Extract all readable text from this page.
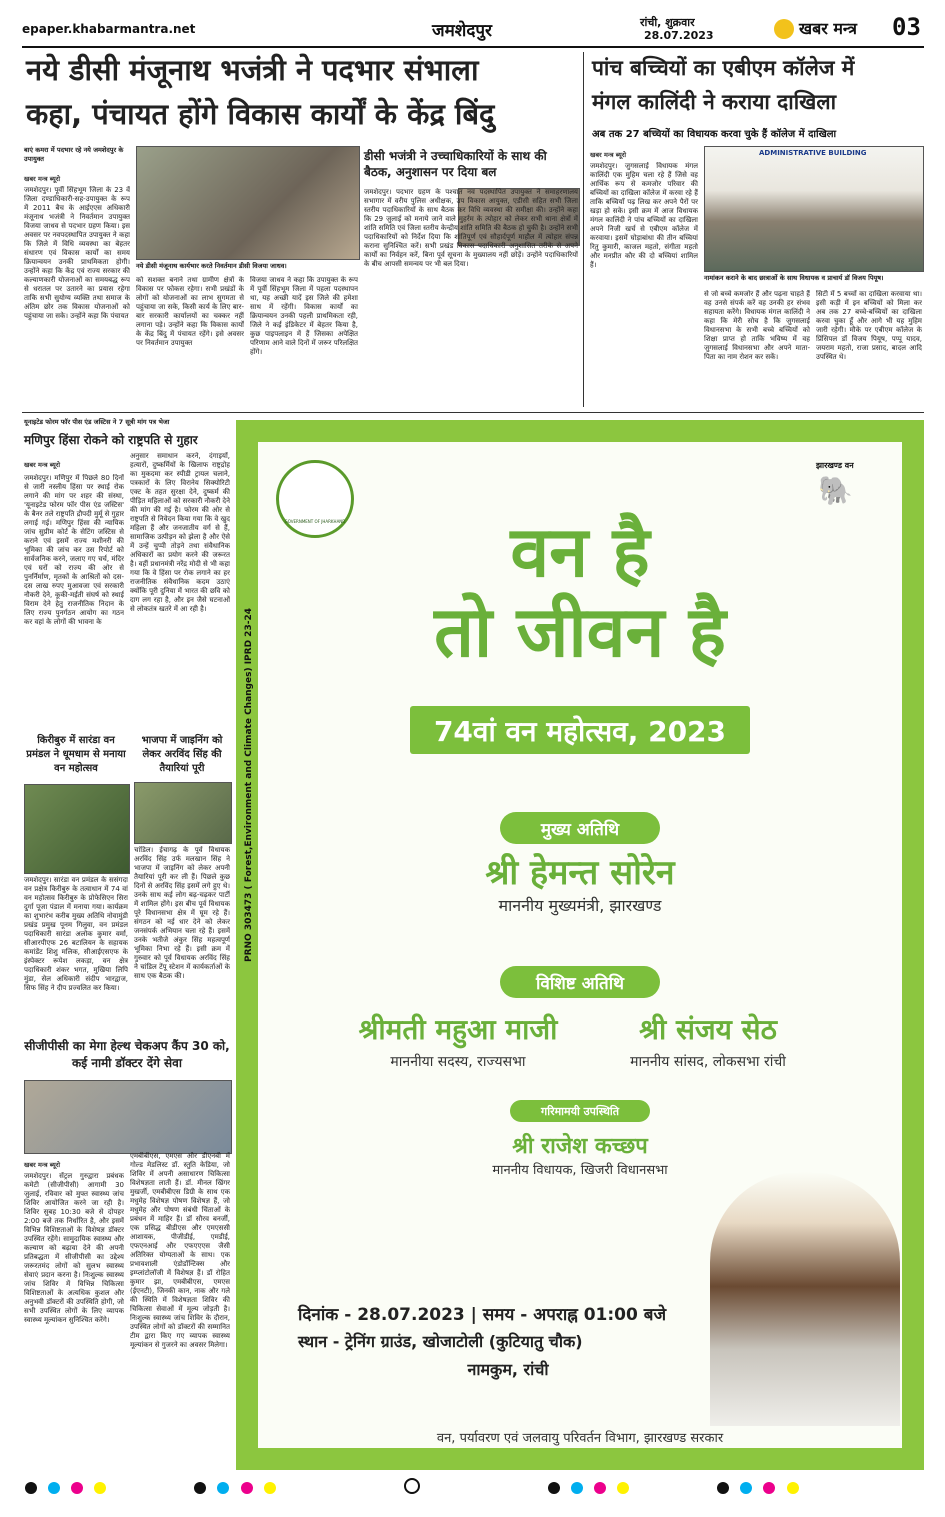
epaper.khabarmantra.net	जमशेदपुर	रांची, शुक्रवार
28.07.2023	खबर मन्त्र 03
नये डीसी मंजूनाथ भजंत्री ने पदभार संभाला
कहा, पंचायत होंगे विकास कार्यों के केंद्र बिंदु
बाएं कमरा में पदभार रहे नये जमशेदपुर के उपायुक्त
खबर मन्त्र ब्यूरो
जमशेदपुर। पूर्वी सिंहभूम जिला के 23 वें जिला दण्डाधिकारी-सह-उपायुक्त के रूप में 2011 बैच के आईएएस अधिकारी मंजूनाथ भजंत्री ने निवर्तमान उपायुक्त विजया जाधव से पदभार ग्रहण किया। इस अवसर पर नवपदस्थापित उपायुक्त ने कहा कि जिले में विधि व्यवस्था का बेहतर संधारण एवं विकास कार्यों का समय क्रियान्वयन उनकी प्राथमिकता होगी। उन्होंने कहा कि केंद्र एवं राज्य सरकार की कल्याणकारी योजनाओं का समयबद्ध रूप से धरातल पर उतारने का प्रयास रहेगा ताकि सभी सुयोग्य व्यक्ति तथा समाज के अंतिम छोर तक विकास योजनाओं को पहुंचाया जा सके। उन्होंने कहा कि पंचायत
नये डीसी मंजूनाथ कार्यभार करते निवर्तमान डीसी विजया जाधव।
को सशक्त बनाने तथा ग्रामीण क्षेत्रों के विकास पर फोकस रहेगा। सभी प्रखंडों के लोगों को योजनाओं का लाभ सुगमता से पहुंचाया जा सके, किसी कार्य के लिए बार-बार सरकारी कार्यालयों का चक्कर नहीं लगाना पड़े। उन्होंने कहा कि विकास कार्यों के केंद्र बिंदु में पंचायत रहेंगे। इसे अवसर पर निवर्तमान उपायुक्त
विजया जाधव ने कहा कि उपायुक्त के रूप में पूर्वी सिंहभूम जिला में पहला पदस्थापन था, यह अच्छी यादें इस जिले की हमेशा साथ में रहेंगी। विकास कार्यों का क्रियान्वयन उनकी पहली प्राथमिकता रही, जिले ने कई इंडिकेटर में बेहतर किया है, कुछ पाइपलाइन में हैं जिसका अपेक्षित परिणाम आने वाले दिनों में जरूर परिलक्षित होंगे।
डीसी भजंत्री ने उच्चाधिकारियों के साथ की बैठक, अनुशासन पर दिया बल
जमशेदपुर। पदभार ग्रहण के पश्चात नव पदस्थापित उपायुक्त ने समाहरणालय सभागार में वरीय पुलिस अधीक्षक, उप विकास आयुक्त, एडीसी सहित सभी जिला स्तरीय पदाधिकारियों के साथ बैठक कर विधि व्यवस्था की समीक्षा की। उन्होंने कहा कि 29 जुलाई को मनाये जाने वाले मुहर्रम के त्योहार को लेकर सभी थाना क्षेत्रों में शांति समिति एवं जिला स्तरीय केन्द्रीय शांति समिति की बैठक हो चुकी है। उन्होंने सभी पदाधिकारियों को निर्देश दिया कि शांतिपूर्ण एवं सौहार्दपूर्ण माहौल में त्योहार संपन्न कराना सुनिश्चित करें। सभी प्रखंड विकास पदाधिकारी अनुशासित तरीके से अपने कार्यों का निर्वहन करें, बिना पूर्व सूचना के मुख्यालय नहीं छोड़ें। उन्होंने पदाधिकारियों के बीच आपसी समन्वय पर भी बल दिया।
पांच बच्चियों का एबीएम कॉलेज में
मंगल कालिंदी ने कराया दाखिला
अब तक 27 बच्चियों का विधायक करवा चुके हैं कॉलेज में दाखिला
खबर मन्त्र ब्यूरो
जमशेदपुर। जुगसलाई विधायक मंगल कालिंदी एक मुहिम चला रहे हैं जिसे वह आर्थिक रूप से कमजोर परिवार की बच्चियों का दाखिला कॉलेज में करवा रहे हैं ताकि बच्चियाँ पढ़ लिख कर अपने पैरों पर खड़ा हो सके। इसी क्रम में आज विधायक मंगल कालिंदी ने पांच बच्चियों का दाखिला अपने निजी खर्च से एबीएम कॉलेज में करवाया। इसमें घोड़ाबांधा की तीन बच्चियां रितु कुमारी, काजल महतो, संगीता महतो और मनप्रीत कौर की दो बच्चियां शामिल हैं।
ADMINISTRATIVE BUILDING
नामांकन कराने के बाद छात्राओं के साथ विधायक व प्राचार्य डॉ विजय पियूष।
से जो बच्चे कमजोर हैं और पढ़ना चाहते हैं वह उनसे संपर्क करें वह उनकी हर संभव सहायता करेंगे। विधायक मंगल कालिंदी ने कहा कि मेरी सोच है कि जुगसलाई विधानसभा के सभी बच्चे बच्चियों को शिक्षा प्राप्त हो ताकि भविष्य में वह जुगसलाई विधानसभा और अपने माता-पिता का नाम रोशन कर सकें।
सिटी में 5 बच्चों का दाखिला करवाया था। इसी कड़ी में इन बच्चियों को मिला कर अब तक 27 बच्चे-बच्चियों का दाखिला करवा चुका हूँ और आगे भी यह मुहिम जारी रहेगी। मौके पर एबीएम कॉलेज के प्रिंसिपल डॉ विजय पियूष, पप्पू यादव, जयराम महतो, राजा प्रसाद, बादल आदि उपस्थित थे।
यूनाइटेड फोरम फॉर पीस एंड जस्टिस ने 7 सूत्री मांग पत्र भेजा
मणिपुर हिंसा रोकने को राष्ट्रपति से गुहार
खबर मन्त्र ब्यूरो
जमशेदपुर। मणिपुर में पिछले 80 दिनों से जारी नस्लीय हिंसा पर स्थाई रोक लगाने की मांग पर शहर की संस्था, 'यूनाइटेड फोरम फॉर पीस एंड जस्टिस' के बैनर तले राष्ट्रपति द्रौपदी मुर्मू से गुहार लगाई गई। मणिपुर हिंसा की न्यायिक जांच सुप्रीम कोर्ट के सेटिंग जस्टिस से कराने एवं इसमें राज्य मशीनरी की भूमिका की जांच कर उस रिपोर्ट को सार्वजनिक करने, जलाए गए चर्च, मंदिर एवं घरों को राज्य की ओर से पुनर्निर्माण, मृतकों के आश्रितों को दस-दस लाख रुपए मुआवजा एवं सरकारी नौकरी देने, कूकी-मईती संघर्ष को स्थाई विराम देने हेतु राजनीतिक निदान के लिए राज्य पुनर्गठन आयोग का गठन कर वहां के लोगों की भावना के
अनुसार समाधान करने, दंगाइयों, हत्यारों, दुष्कर्मियों के खिलाफ राष्ट्रद्रोह का मुकदमा कर स्पीडी ट्रायल चलाने, पत्रकारों के लिए विरानेय सिक्योरिटी एक्ट के तहत सुरक्षा देने, दुष्कर्म की पीड़ित महिलाओं को सरकारी नौकरी देने की मांग की गई है। फोरम की ओर से राष्ट्रपति से निवेदन किया गया कि वे खुद महिला हैं और जनजातीय वर्ग से हैं, सामाजिक उत्पीड़न को झेला है और ऐसे में उन्हें चुप्पी तोड़ने तथा संवैधानिक अधिकारों का प्रयोग करने की जरूरत है। वहीं प्रधानमंत्री नरेंद्र मोदी से भी कहा गया कि वे हिंसा पर रोक लगाने का हर राजनीतिक संवैधानिक कदम उठाएं क्योंकि पूरी दुनिया में भारत की छवि को दाग लग रहा है, और इन जैसे घटनाओं से लोकतंत्र खतरे में आ रही है।
किरीबुरु में सारंडा वन प्रमंडल ने धूमधाम से मनाया वन महोत्सव
जमशेदपुर। सारंडा वन प्रमंडल के ससंगदा वन प्रक्षेत्र किरीबुरु के तत्वाधान में 74 वां वन महोत्सव किरीबुरु के प्रोफेसिएन सिरा दुर्गा पूजा पंडाल में मनाया गया। कार्यक्रम का शुभारंभ करीब मुख्य अतिथि नोवामुंडी प्रखंड प्रमुख पूनम गिलुवा, वन प्रमंडल पदाधिकारी सारंडा अलोक कुमार वर्मा, सीआरपीएफ 26 बटालियन के सहायक कमांडेंट शिशु मलिक, सीआईएसएफ के इंस्पेक्टर रूपेश लकड़ा, वन क्षेत्र पदाधिकारी शंकर भगत, मुखिया लिपि मुंडा, सेल अधिकारी संदीप भारद्वाज, सिफ सिंह ने दीप प्रज्वलित कर किया।
भाजपा में जाइनिंग को लेकर अरविंद सिंह की तैयारियां पूरी
चांडिल। ईचागढ़ के पूर्व विधायक अरविंद सिंह उर्फ मलखान सिंह ने भाजपा में जाइनिंग को लेकर अपनी तैयारियां पूरी कर ली हैं। पिछले कुछ दिनों से अरविंद सिंह इसमें लगे हुए थे। उनके साथ कई लोग बढ़-चढ़कर पार्टी में शामिल होंगे। इस बीच पूर्व विधायक पूरे विधानसभा क्षेत्र में घूम रहे हैं। संगठन को नई धार देने को लेकर जनसंपर्क अभियान चला रहे हैं। इसमें उनके भतीजे अंकुर सिंह महत्वपूर्ण भूमिका निभा रहे हैं। इसी क्रम में गुरुवार को पूर्व विधायक अरविंद सिंह ने चांडिल टेंपू स्टेशन में कार्यकर्ताओं के साथ एक बैठक की।
सीजीपीसी का मेगा हेल्थ चेकअप कैंप 30 को, कई नामी डॉक्टर देंगे सेवा
खबर मन्त्र ब्यूरो
जमशेदपुर। सेंट्रल गुरुद्वारा प्रबंधक कमेटी (सीजीपीसी) आगामी 30 जुलाई, रविवार को मुफ्त स्वास्थ्य जांच शिविर आयोजित करने जा रही है। शिविर सुबह 10:30 बजे से दोपहर 2:00 बजे तक निर्धारित है, और इसमें विभिन्न विशिष्टताओं के विशेषज्ञ डॉक्टर उपस्थित रहेंगे। सामुदायिक स्वास्थ्य और कल्याण को बढ़ावा देने की अपनी प्रतिबद्धता में सीजीपीसी का उद्देश्य जरूरतमंद लोगों को सुलभ स्वास्थ्य सेवाएं प्रदान करना है। निःशुल्क स्वास्थ्य जांच शिविर में विभिन्न चिकित्सा विशिष्टताओं के अत्यधिक कुशल और अनुभवी डॉक्टरों की उपस्थिति होगी, जो सभी उपस्थित लोगों के लिए व्यापक स्वास्थ्य मूल्यांकन सुनिश्चित करेंगे।
एमबीबीएस, एमएस और डीएनबी में गोल्ड मेडलिस्ट डॉ. स्तुति केडिया, जो शिविर में अपनी असाधारण चिकित्सा विशेषज्ञता लाती हैं। डॉ. मीनल खिंगर मुखर्जी, एमबीबीएस डिग्री के साथ एक मधुमेह विशेषज्ञ पोषण विशेषज्ञ हैं, जो मधुमेह और पोषण संबंधी चिंताओं के प्रबंधन में माहिर हैं। डॉ सौरव बनर्जी, एक प्रसिद्ध बीडीएस और एमएससी आशायक, पीजीडीई, एमडीई, एफएनआई और एफएएएस जैसी अतिरिक्त योग्यताओं के साथ। एक प्रभावशाली एंडोडॉन्टिक्स और इम्प्लांटोलॉजी में विशेषज्ञ हैं। डॉ रोहित कुमार झा, एमबीबीएस, एमएस (ईएनटी), जिनकी कान, नाक और गले की स्थिति में विशेषज्ञता शिविर की चिकित्सा सेवाओं में मूल्य जोड़ती है। निःशुल्क स्वास्थ्य जांच शिविर के दौरान, उपस्थित लोगों को डॉक्टरों की सम्मानित टीम द्वारा किए गए व्यापक स्वास्थ्य मूल्यांकन से गुजरने का अवसर मिलेगा।
PRNO 303473 ( Forest,Environment and Climate Changes) IPRD 23-24
GOVERNMENT OF JHARKHAND
झारखण्ड वन
🐘
वन है
तो जीवन है
74वां वन महोत्सव, 2023
मुख्य अतिथि
श्री हेमन्त सोरेन
माननीय मुख्यमंत्री, झारखण्ड
विशिष्ट अतिथि
श्रीमती महुआ माजी
माननीया सदस्य, राज्यसभा
श्री संजय सेठ
माननीय सांसद, लोकसभा रांची
गरिमामयी उपस्थिति
श्री राजेश कच्छप
माननीय विधायक, खिजरी विधानसभा
दिनांक - 28.07.2023 | समय - अपराह्न 01:00 बजे
स्थान - ट्रेनिंग ग्राउंड, खोजाटोली (कुटियातु चौक)
नामकुम, रांची
वन, पर्यावरण एवं जलवायु परिवर्तन विभाग, झारखण्ड सरकार
